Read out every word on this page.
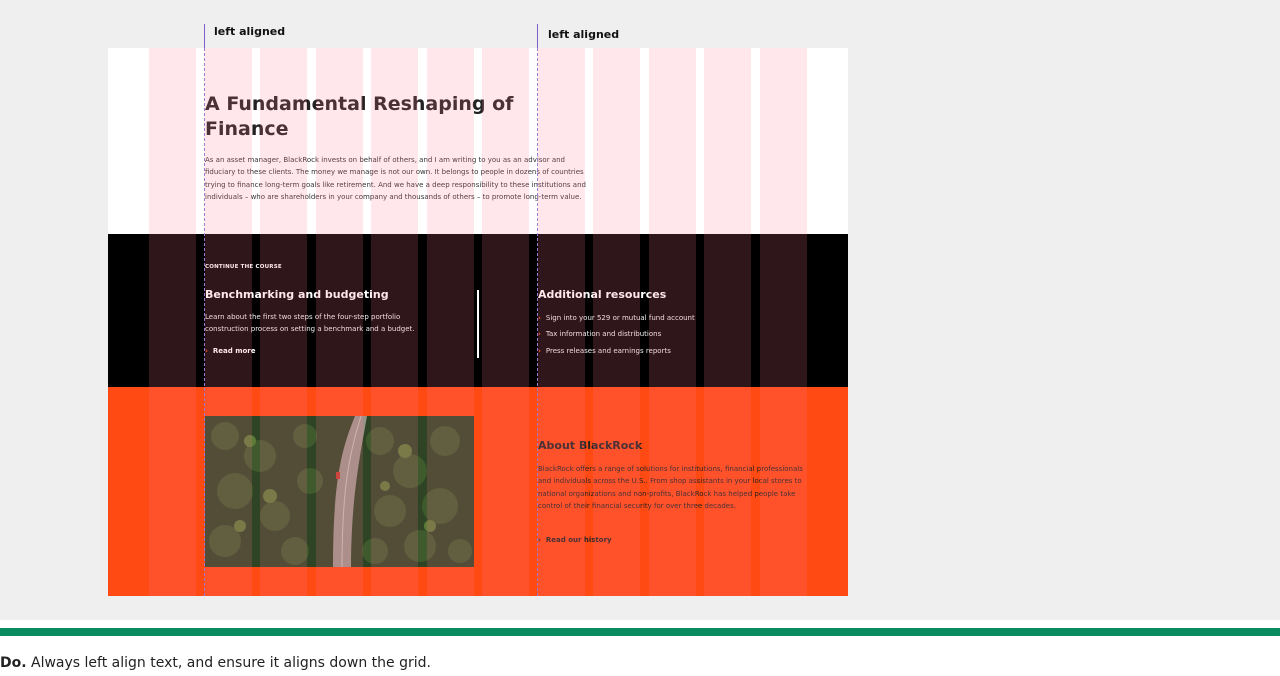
left aligned	left aligned
A Fundamental Reshaping of Finance
As an asset manager, BlackRock invests on behalf of others, and I am writing to you as an advisor and fiduciary to these clients. The money we manage is not our own. It belongs to people in dozens of countries trying to finance long-term goals like retirement. And we have a deep responsibility to these institutions and individuals – who are shareholders in your company and thousands of others – to promote long-term value.
CONTINUE THE COURSE
Benchmarking and budgeting
Learn about the first two steps of the four-step portfolio construction process on setting a benchmark and a budget.
› Read more
Additional resources
› Sign into your 529 or mutual fund account
› Tax information and distributions
› Press releases and earnings reports
About BlackRock
BlackRock offers a range of solutions for institutions, financial professionals and individuals across the U.S.. From shop assistants in your local stores to national organizations and non-profits, BlackRock has helped people take control of their financial security for over three decades.
› Read our history
Do. Always left align text, and ensure it aligns down the grid.
